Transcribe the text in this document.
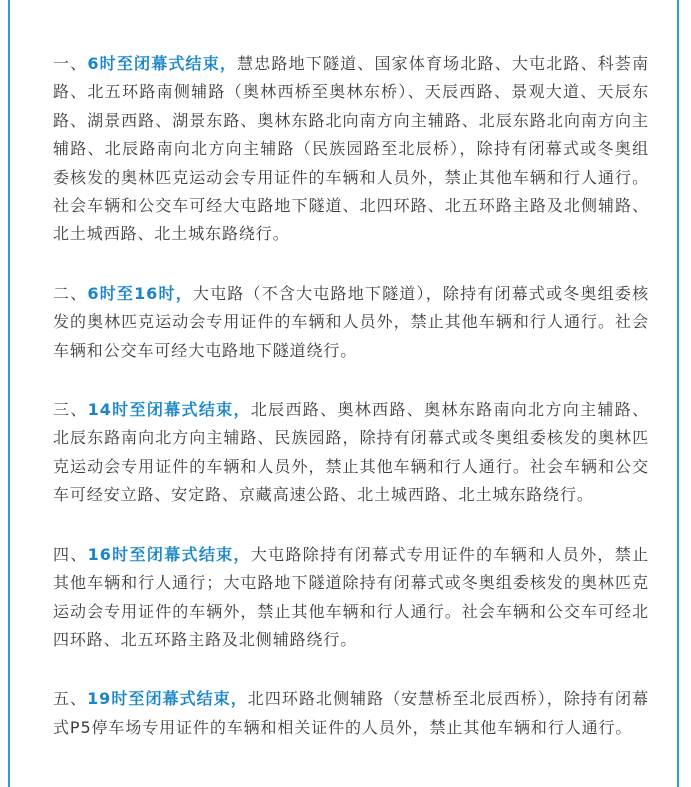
一、6时至闭幕式结束，慧忠路地下隧道、国家体育场北路、大屯北路、科荟南路、北五环路南侧辅路（奥林西桥至奥林东桥）、天辰西路、景观大道、天辰东路、湖景西路、湖景东路、奥林东路北向南方向主辅路、北辰东路北向南方向主辅路、北辰路南向北方向主辅路（民族园路至北辰桥），除持有闭幕式或冬奥组委核发的奥林匹克运动会专用证件的车辆和人员外，禁止其他车辆和行人通行。社会车辆和公交车可经大屯路地下隧道、北四环路、北五环路主路及北侧辅路、北土城西路、北土城东路绕行。

二、6时至16时，大屯路（不含大屯路地下隧道），除持有闭幕式或冬奥组委核发的奥林匹克运动会专用证件的车辆和人员外，禁止其他车辆和行人通行。社会车辆和公交车可经大屯路地下隧道绕行。

三、14时至闭幕式结束，北辰西路、奥林西路、奥林东路南向北方向主辅路、北辰东路南向北方向主辅路、民族园路，除持有闭幕式或冬奥组委核发的奥林匹克运动会专用证件的车辆和人员外，禁止其他车辆和行人通行。社会车辆和公交车可经安立路、安定路、京藏高速公路、北土城西路、北土城东路绕行。

四、16时至闭幕式结束，大屯路除持有闭幕式专用证件的车辆和人员外，禁止其他车辆和行人通行；大屯路地下隧道除持有闭幕式或冬奥组委核发的奥林匹克运动会专用证件的车辆外，禁止其他车辆和行人通行。社会车辆和公交车可经北四环路、北五环路主路及北侧辅路绕行。

五、19时至闭幕式结束，北四环路北侧辅路（安慧桥至北辰西桥），除持有闭幕式P5停车场专用证件的车辆和相关证件的人员外，禁止其他车辆和行人通行。
